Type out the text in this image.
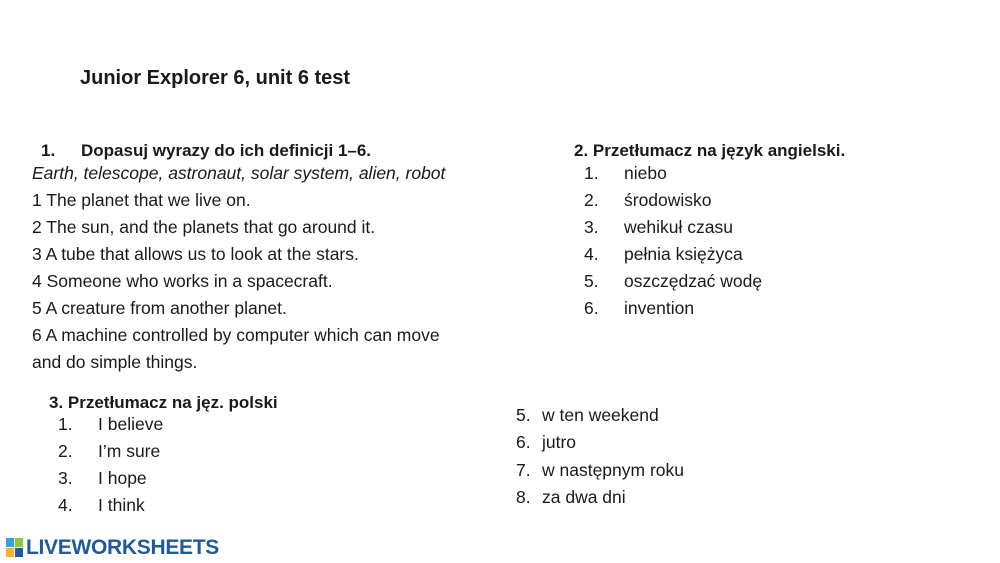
Junior Explorer 6, unit 6 test
1. Dopasuj wyrazy do ich definicji 1–6.
Earth, telescope, astronaut, solar system, alien, robot
1 The planet that we live on.
2 The sun, and the planets that go around it.
3 A tube that allows us to look at the stars.
4 Someone who works in a spacecraft.
5 A creature from another planet.
6 A machine controlled by computer which can move
and do simple things.
2. Przetłumacz na język angielski.
1. niebo
2. środowisko
3. wehikuł czasu
4. pełnia księżyca
5. oszczędzać wodę
6. invention
3. Przetłumacz na jęz. polski
1. I believe
2. I’m sure
3. I hope
4. I think
5. w ten weekend
6. jutro
7. w następnym roku
8. za dwa dni
LIVEWORKSHEETS
